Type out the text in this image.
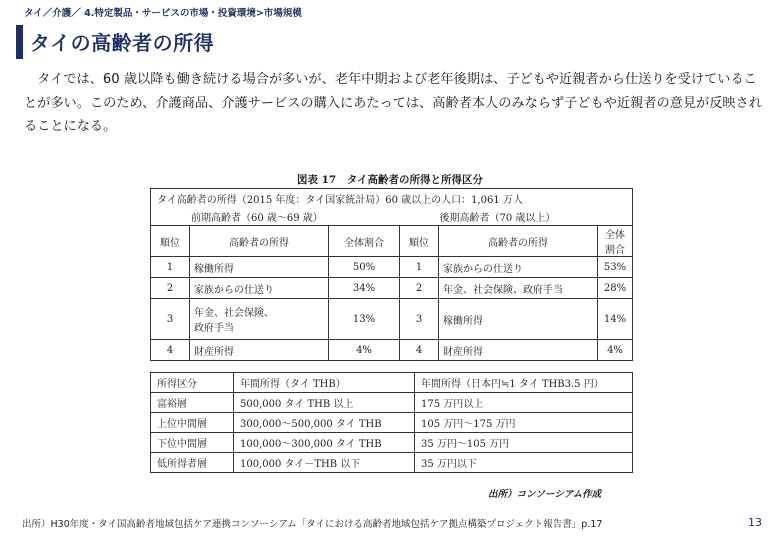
タイ／介護／ 4.特定製品・サービスの市場・投資環境>市場規模
タイの高齢者の所得
　タイでは、60 歳以降も働き続ける場合が多いが、老年中期および老年後期は、子どもや近親者から仕送りを受けていることが多い。このため、介護商品、介護サービスの購入にあたっては、高齢者本人のみならず子どもや近親者の意見が反映されることになる。
図表 17　タイ高齢者の所得と所得区分
タイ高齢者の所得（2015 年度：タイ国家統計局）60 歳以上の人口：1,061 万人					
前期高齢者（60 歳～69 歳）			後期高齢者（70 歳以上）		
順位	高齢者の所得	全体割合	順位	高齢者の所得	全体割合
1	稼働所得	50%	1	家族からの仕送り	53%
2	家族からの仕送り	34%	2	年金、社会保険、政府手当	28%
3	年金、社会保険、
政府手当	13%	3	稼働所得	14%
4	財産所得	4%	4	財産所得	4%
所得区分	年間所得（タイ THB）	年間所得（日本円≒1 タイ THB3.5 円）
富裕層	500,000 タイ THB 以上	175 万円以上
上位中間層	300,000～500,000 タイ THB	105 万円～175 万円
下位中間層	100,000～300,000 タイ THB	35 万円～105 万円
低所得者層	100,000 タイ－THB 以下	35 万円以下
出所）コンソーシアム作成
出所）H30年度・タイ国高齢者地域包括ケア連携コンソーシアム「タイにおける高齢者地域包括ケア拠点構築プロジェクト報告書」p.17	13
